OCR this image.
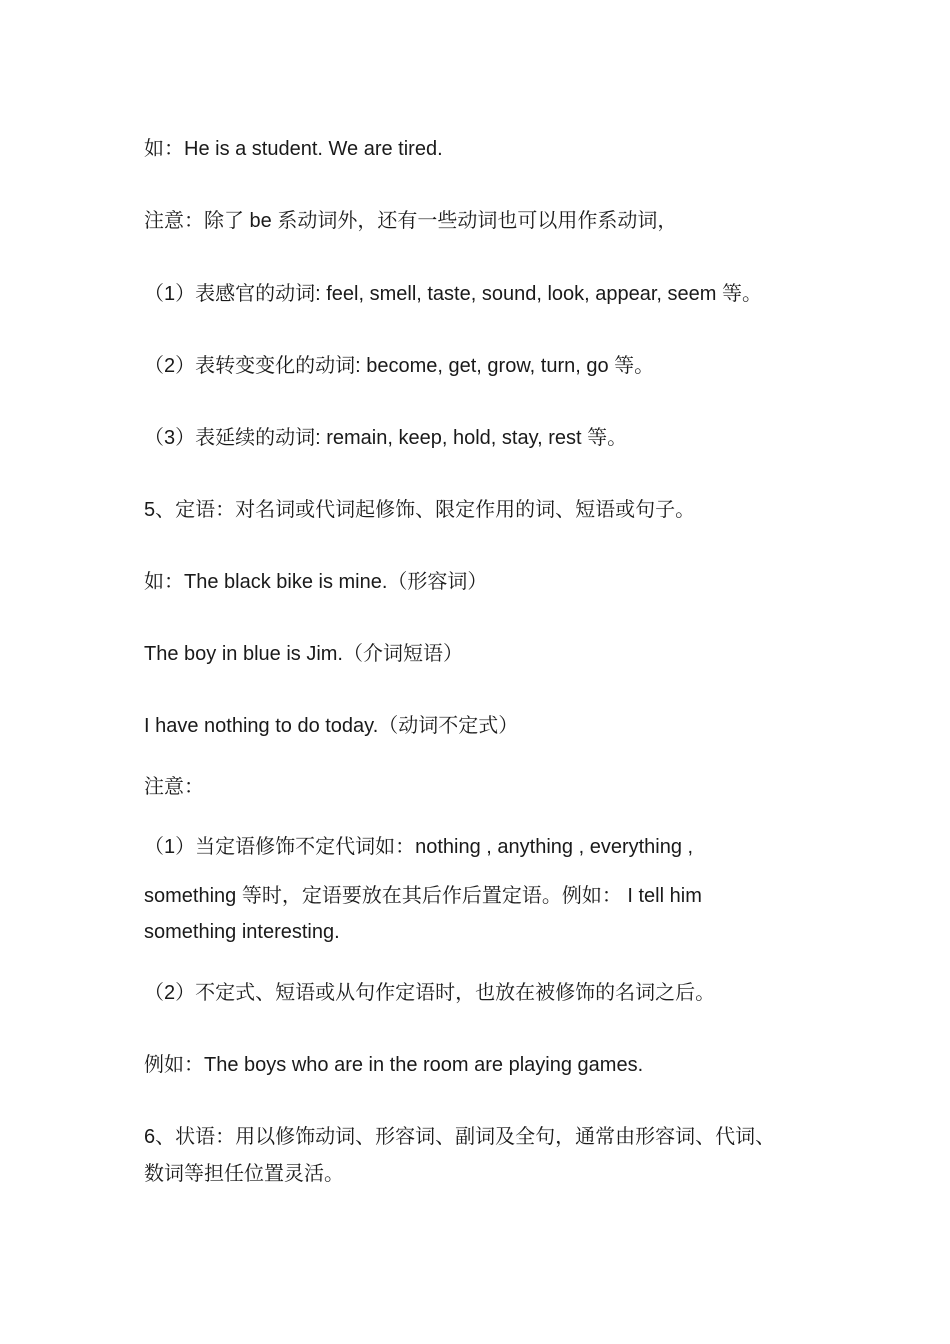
如：He is a student. We are tired.
注意：除了 be 系动词外，还有一些动词也可以用作系动词，
（1）表感官的动词: feel, smell, taste, sound, look, appear, seem 等。
（2）表转变变化的动词: become, get, grow, turn, go 等。
（3）表延续的动词: remain, keep, hold, stay, rest 等。
5、定语：对名词或代词起修饰、限定作用的词、短语或句子。
如：The black bike is mine.（形容词）
The boy in blue is Jim.（介词短语）
I have nothing to do today.（动词不定式）
注意：
（1）当定语修饰不定代词如：nothing , anything , everything ,
something 等时，定语要放在其后作后置定语。例如： I tell him
something interesting.
（2）不定式、短语或从句作定语时，也放在被修饰的名词之后。
例如：The boys who are in the room are playing games.
6、状语：用以修饰动词、形容词、副词及全句，通常由形容词、代词、
数词等担任位置灵活。
